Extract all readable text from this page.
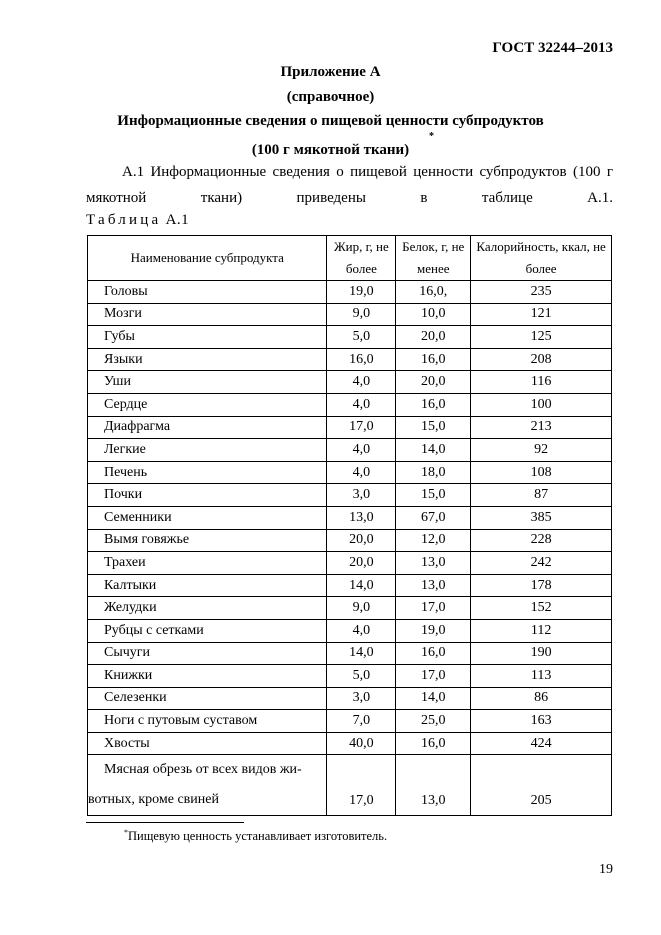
ГОСТ 32244–2013
Приложение А
(справочное)
Информационные сведения о пищевой ценности субпродуктов
(100 г мякотной ткани)
*
А.1 Информационные сведения о пищевой ценности субпродуктов (100 г мякотной ткани) приведены в таблице А.1.
Таблица А.1
Наименование субпродукта	Жир, г, не более	Белок, г, не менее	Калорийность, ккал, не более
Головы	19,0	16,0,	235
Мозги	9,0	10,0	121
Губы	5,0	20,0	125
Языки	16,0	16,0	208
Уши	4,0	20,0	116
Сердце	4,0	16,0	100
Диафрагма	17,0	15,0	213
Легкие	4,0	14,0	92
Печень	4,0	18,0	108
Почки	3,0	15,0	87
Семенники	13,0	67,0	385
Вымя говяжье	20,0	12,0	228
Трахеи	20,0	13,0	242
Калтыки	14,0	13,0	178
Желудки	9,0	17,0	152
Рубцы с сетками	4,0	19,0	112
Сычуги	14,0	16,0	190
Книжки	5,0	17,0	113
Селезенки	3,0	14,0	86
Ноги с путовым суставом	7,0	25,0	163
Хвосты	40,0	16,0	424

Мясная обрезь от всех видов жи-
вотных, кроме свиней	17,0	13,0	205
*Пищевую ценность устанавливает изготовитель.
19
